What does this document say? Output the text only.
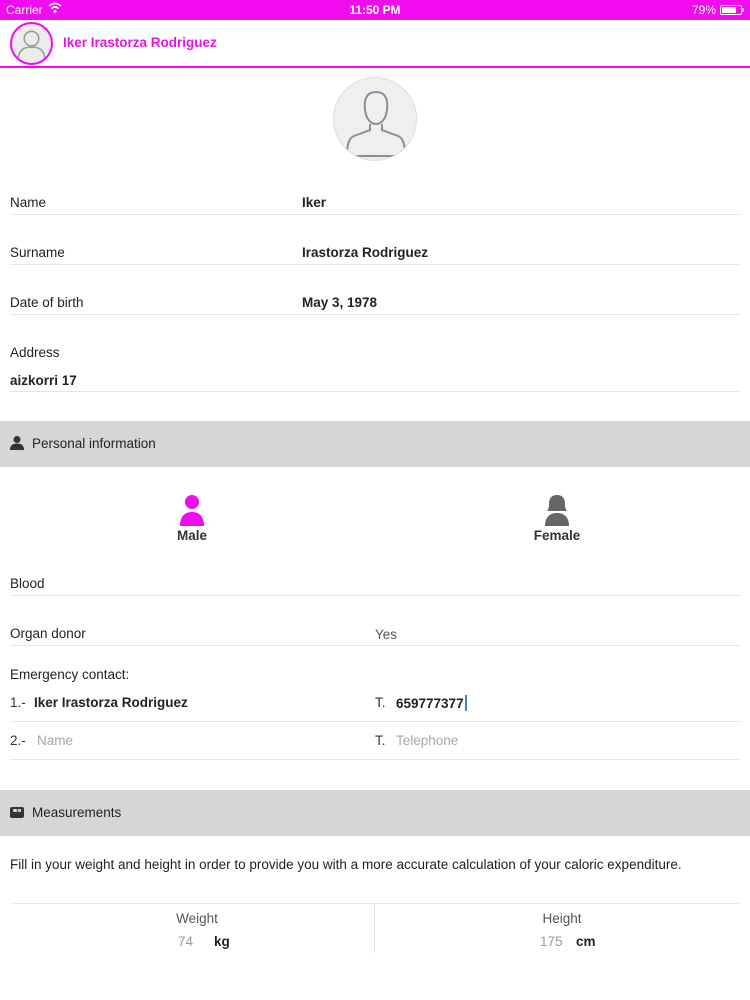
Carrier	11:50 PM	79%
Iker Irastorza Rodriguez
Name	Iker
Surname	Irastorza Rodriguez
Date of birth	May 3, 1978
Address
aizkorri 17
Personal information
Male	Female
Blood
Organ donor	Yes
Emergency contact:
1.- Iker Irastorza Rodriguez	T. 659777377
2.- Name	T. Telephone
Measurements
Fill in your weight and height in order to provide you with a more accurate calculation of your caloric expenditure.
Weight
74 kg
Height
175 cm
